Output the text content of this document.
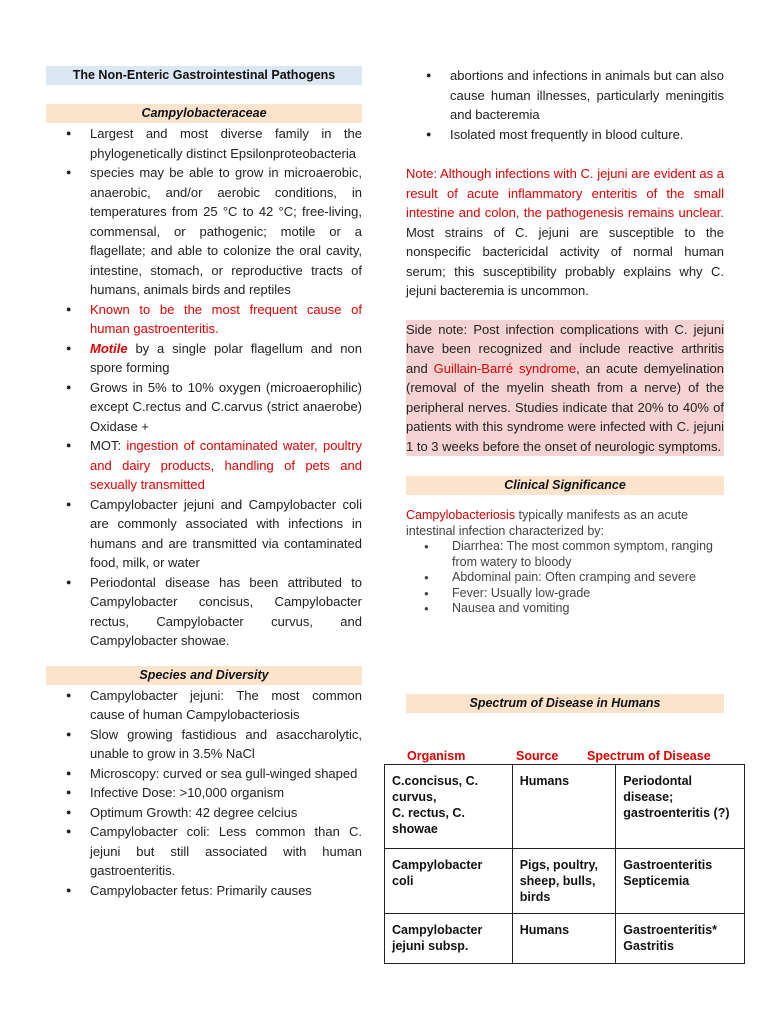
The Non-Enteric Gastrointestinal Pathogens
Campylobacteraceae
● Largest and most diverse family in the phylogenetically distinct Epsilonproteobacteria
● species may be able to grow in microaerobic, anaerobic, and/or aerobic conditions, in temperatures from 25 °C to 42 °C; free-living, commensal, or pathogenic; motile or a flagellate; and able to colonize the oral cavity, intestine, stomach, or reproductive tracts of humans, animals birds and reptiles
● Known to be the most frequent cause of human gastroenteritis.
● Motile by a single polar flagellum and non spore forming
● Grows in 5% to 10% oxygen (microaerophilic) except C.rectus and C.carvus (strict anaerobe) Oxidase +
● MOT: ingestion of contaminated water, poultry and dairy products, handling of pets and sexually transmitted
● Campylobacter jejuni and Campylobacter coli are commonly associated with infections in humans and are transmitted via contaminated food, milk, or water
● Periodontal disease has been attributed to Campylobacter concisus, Campylobacter rectus, Campylobacter curvus, and Campylobacter showae.
Species and Diversity
● Campylobacter jejuni: The most common cause of human Campylobacteriosis
● Slow growing fastidious and asaccharolytic, unable to grow in 3.5% NaCl
● Microscopy: curved or sea gull-winged shaped
● Infective Dose: >10,000 organism
● Optimum Growth: 42 degree celcius
● Campylobacter coli: Less common than C. jejuni but still associated with human gastroenteritis.
● Campylobacter fetus: Primarily causes
● abortions and infections in animals but can also cause human illnesses, particularly meningitis and bacteremia
● Isolated most frequently in blood culture.

Note: Although infections with C. jejuni are evident as a result of acute inflammatory enteritis of the small intestine and colon, the pathogenesis remains unclear. Most strains of C. jejuni are susceptible to the nonspecific bactericidal activity of normal human serum; this susceptibility probably explains why C. jejuni bacteremia is uncommon.

Side note: Post infection complications with C. jejuni have been recognized and include reactive arthritis and Guillain-Barré syndrome, an acute demyelination (removal of the myelin sheath from a nerve) of the peripheral nerves. Studies indicate that 20% to 40% of patients with this syndrome were infected with C. jejuni 1 to 3 weeks before the onset of neurologic symptoms.

Clinical Significance

Campylobacteriosis typically manifests as an acute intestinal infection characterized by:

● Diarrhea: The most common symptom, ranging from watery to bloody
● Abdominal pain: Often cramping and severe
● Fever: Usually low-grade
● Nausea and vomiting
Spectrum of Disease in Humans
Organism	Source Spectrum of Disease
C.concisus, C. curvus,
C. rectus, C. showae	Humans	Periodontal disease; gastroenteritis (?)
Campylobacter coli	Pigs, poultry, sheep, bulls, birds	Gastroenteritis
Septicemia
Campylobacter jejuni subsp.	Humans	Gastroenteritis*
Gastritis
